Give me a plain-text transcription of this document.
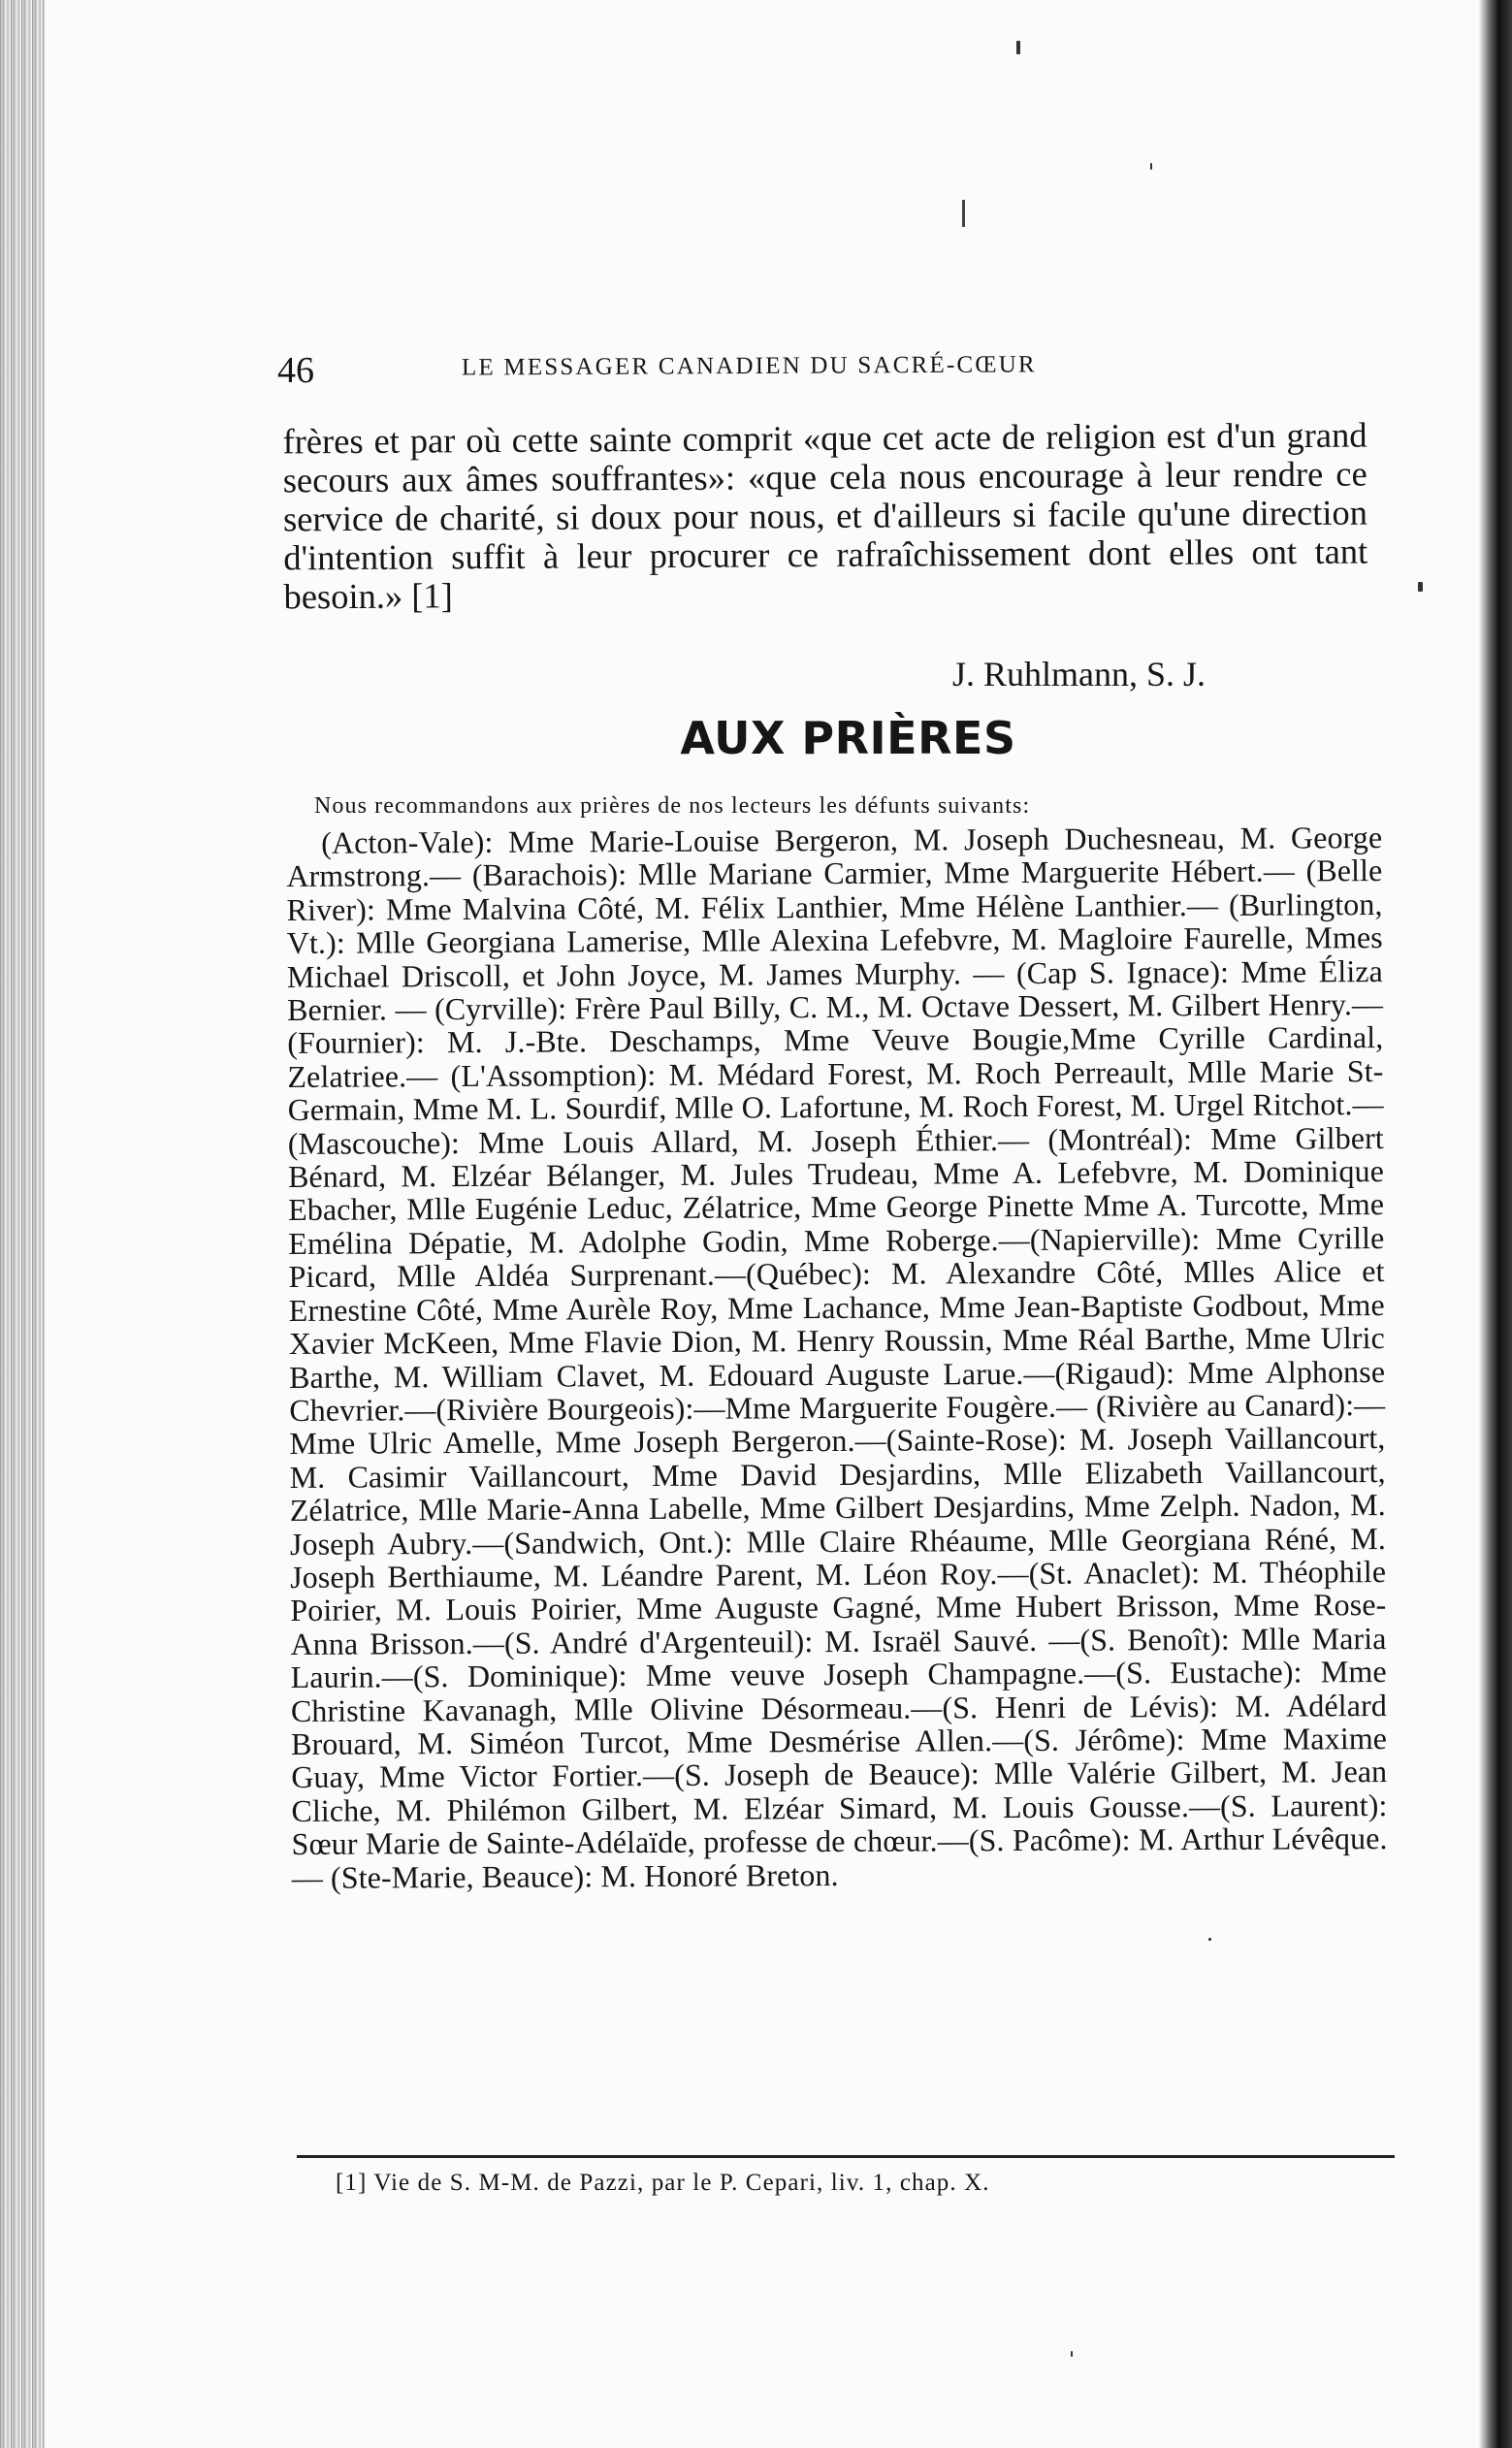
46	LE MESSAGER CANADIEN DU SACRÉ-CŒUR

frères et par où cette sainte comprit «que cet acte de religion est d'un grand secours aux âmes souffrantes»: «que cela nous encourage à leur rendre ce service de charité, si doux pour nous, et d'ailleurs si facile qu'une direction d'intention suffit à leur procurer ce rafraîchissement dont elles ont tant besoin.» [1]

J. Ruhlmann, S. J.
AUX PRIÈRES
Nous recommandons aux prières de nos lecteurs les défunts suivants:

(Acton-Vale): Mme Marie-Louise Bergeron, M. Joseph Duchesneau, M. George Armstrong.— (Barachois): Mlle Mariane Carmier, Mme Marguerite Hébert.— (Belle River): Mme Malvina Côté, M. Félix Lanthier, Mme Hélène Lanthier.— (Burlington, Vt.): Mlle Georgiana Lamerise, Mlle Alexina Lefebvre, M. Magloire Faurelle, Mmes Michael Driscoll, et John Joyce, M. James Murphy. — (Cap S. Ignace): Mme Éliza Bernier. — (Cyrville): Frère Paul Billy, C. M., M. Octave Dessert, M. Gilbert Henry.— (Fournier): M. J.-Bte. Deschamps, Mme Veuve Bougie,Mme Cyrille Cardinal, Zelatriee.— (L'Assomption): M. Médard Forest, M. Roch Perreault, Mlle Marie St-Germain, Mme M. L. Sourdif, Mlle O. Lafortune, M. Roch Forest, M. Urgel Ritchot.— (Mascouche): Mme Louis Allard, M. Joseph Éthier.— (Montréal): Mme Gilbert Bénard, M. Elzéar Bélanger, M. Jules Trudeau, Mme A. Lefebvre, M. Dominique Ebacher, Mlle Eugénie Leduc, Zélatrice, Mme George Pinette Mme A. Turcotte, Mme Emélina Dépatie, M. Adolphe Godin, Mme Roberge.—(Napierville): Mme Cyrille Picard, Mlle Aldéa Surprenant.—(Québec): M. Alexandre Côté, Mlles Alice et Ernestine Côté, Mme Aurèle Roy, Mme Lachance, Mme Jean-Baptiste Godbout, Mme Xavier McKeen, Mme Flavie Dion, M. Henry Roussin, Mme Réal Barthe, Mme Ulric Barthe, M. William Clavet, M. Edouard Auguste Larue.—(Rigaud): Mme Alphonse Chevrier.—(Rivière Bourgeois):—Mme Marguerite Fougère.— (Rivière au Canard):— Mme Ulric Amelle, Mme Joseph Bergeron.—(Sainte-Rose): M. Joseph Vaillancourt, M. Casimir Vaillancourt, Mme David Desjardins, Mlle Elizabeth Vaillancourt, Zélatrice, Mlle Marie-Anna Labelle, Mme Gilbert Desjardins, Mme Zelph. Nadon, M. Joseph Aubry.—(Sandwich, Ont.): Mlle Claire Rhéaume, Mlle Georgiana Réné, M. Joseph Berthiaume, M. Léandre Parent, M. Léon Roy.—(St. Anaclet): M. Théophile Poirier, M. Louis Poirier, Mme Auguste Gagné, Mme Hubert Brisson, Mme Rose-Anna Brisson.—(S. André d'Argenteuil): M. Israël Sauvé. —(S. Benoît): Mlle Maria Laurin.—(S. Dominique): Mme veuve Joseph Champagne.—(S. Eustache): Mme Christine Kavanagh, Mlle Olivine Désormeau.—(S. Henri de Lévis): M. Adélard Brouard, M. Siméon Turcot, Mme Desmérise Allen.—(S. Jérôme): Mme Maxime Guay, Mme Victor Fortier.—(S. Joseph de Beauce): Mlle Valérie Gilbert, M. Jean Cliche, M. Philémon Gilbert, M. Elzéar Simard, M. Louis Gousse.—(S. Laurent): Sœur Marie de Sainte-Adélaïde, professe de chœur.—(S. Pacôme): M. Arthur Lévêque.— (Ste-Marie, Beauce): M. Honoré Breton.

[1] Vie de S. M-M. de Pazzi, par le P. Cepari, liv. 1, chap. X.
